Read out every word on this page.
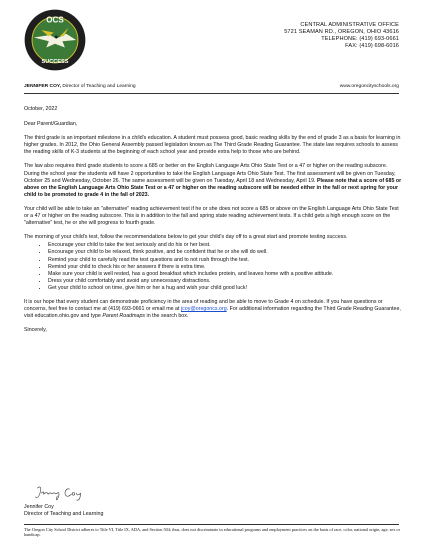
OCS
SUCCESS
CENTRAL ADMINISTRATIVE OFFICE
5721 SEAMAN RD., OREGON, OHIO 43616
TELEPHONE: (419) 693-0661
FAX: (419) 698-6016
JENNIFER COY, Director of Teaching and Learning	www.oregoncityschools.org

October, 2022

Dear Parent/Guardian,

The third grade is an important milestone in a child's education. A student must possess good, basic reading skills by the end of grade 3 as a basis for learning in higher grades. In 2012, the Ohio General Assembly passed legislation known as The Third Grade Reading Guarantee. The state law requires schools to assess the reading skills of K-3 students at the beginning of each school year and provide extra help to those who are behind.

The law also requires third grade students to score a 685 or better on the English Language Arts Ohio State Test or a 47 or higher on the reading subscore. During the school year the students will have 2 opportunities to take the English Language Arts Ohio State Test. The first assessment will be given on Tuesday, October 25 and Wednesday, October 26. The same assessment will be given on Tuesday, April 18 and Wednesday, April 19. Please note that a score of 685 or above on the English Language Arts Ohio State Test or a 47 or higher on the reading subscore will be needed either in the fall or next spring for your child to be promoted to grade 4 in the fall of 2023.

Your child will be able to take an "alternative" reading achievement test if he or she does not score a 685 or above on the English Language Arts Ohio State Test or a 47 or higher on the reading subscore. This is in addition to the fall and spring state reading achievement tests. If a child gets a high enough score on the "alternative" test, he or she will progress to fourth grade.

The morning of your child's test, follow the recommendations below to get your child's day off to a great start and promote testing success.

• Encourage your child to take the test seriously and do his or her best.
• Encourage your child to be relaxed, think positive, and be confident that he or she will do well.
• Remind your child to carefully read the test questions and to not rush through the test.
• Remind your child to check his or her answers if there is extra time.
• Make sure your child is well rested, has a good breakfast which includes protein, and leaves home with a positive attitude.
• Dress your child comfortably and avoid any unnecessary distractions.
• Get your child to school on time, give him or her a hug and wish your child good luck!

It is our hope that every student can demonstrate proficiency in the area of reading and be able to move to Grade 4 on schedule. If you have questions or concerns, feel free to contact me at (419) 693-0661 or email me at jcoy@oregoncs.org. For additional information regarding the Third Grade Reading Guarantee, visit education.ohio.gov and type Parent Roadmaps in the search box.

Sincerely,

Jennifer Coy
Director of Teaching and Learning
The Oregon City School District adheres to Title VI, Title IX, ADA, and Section 504; thus, does not discriminate in educational programs and employment practices on the basis of race, color, national origin, age, sex or handicap.
